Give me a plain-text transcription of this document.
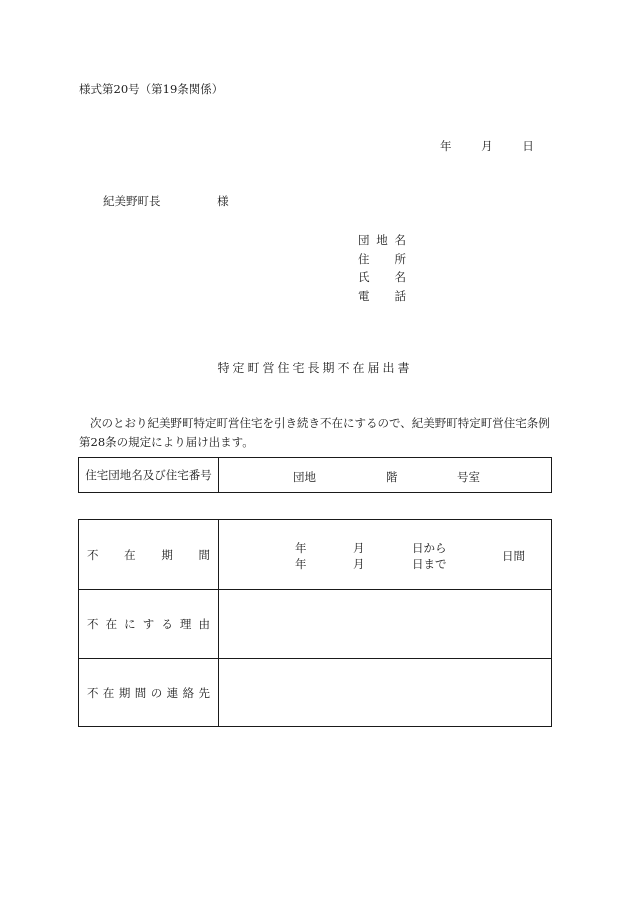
様式第20号（第19条関係）
年	月	日
紀美野町長	様
団地名
住所
氏名
電話
特定町営住宅長期不在届出書
次のとおり紀美野町特定町営住宅を引き続き不在にするので、紀美野町特定町営住宅条例第28条の規定により届け出ます。
住宅団地名及び住宅番号	団地	階	号室
不在期間	年	月	日から
年	月	日まで
日間
不在にする理由
不在期間の連絡先
